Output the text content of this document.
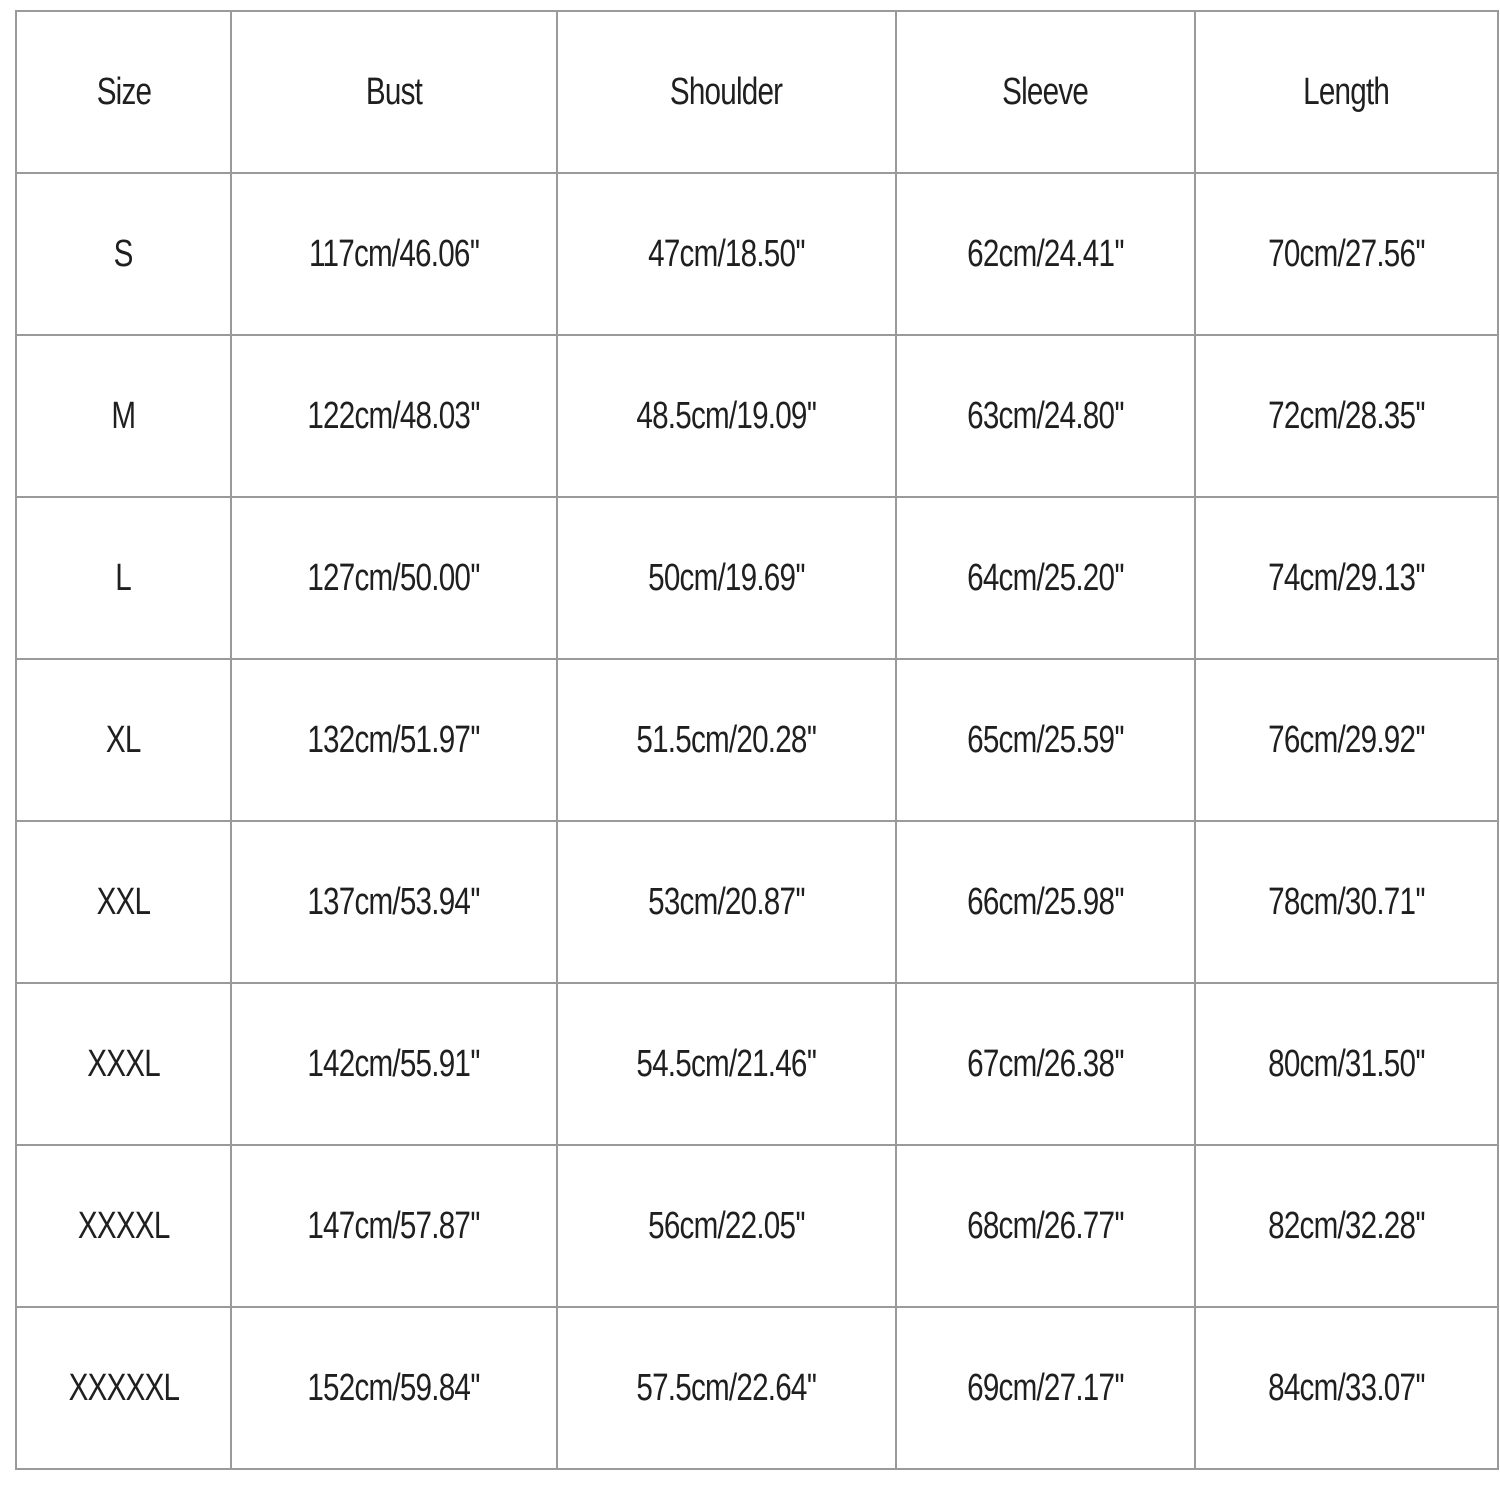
Size	Bust	Shoulder	Sleeve	Length
S	117cm/46.06''	47cm/18.50''	62cm/24.41''	70cm/27.56''
M	122cm/48.03''	48.5cm/19.09''	63cm/24.80''	72cm/28.35''
L	127cm/50.00''	50cm/19.69''	64cm/25.20''	74cm/29.13''
XL	132cm/51.97''	51.5cm/20.28''	65cm/25.59''	76cm/29.92''
XXL	137cm/53.94''	53cm/20.87''	66cm/25.98''	78cm/30.71''
XXXL	142cm/55.91''	54.5cm/21.46''	67cm/26.38''	80cm/31.50''
XXXXL	147cm/57.87''	56cm/22.05''	68cm/26.77''	82cm/32.28''
XXXXXL	152cm/59.84''	57.5cm/22.64''	69cm/27.17''	84cm/33.07''
